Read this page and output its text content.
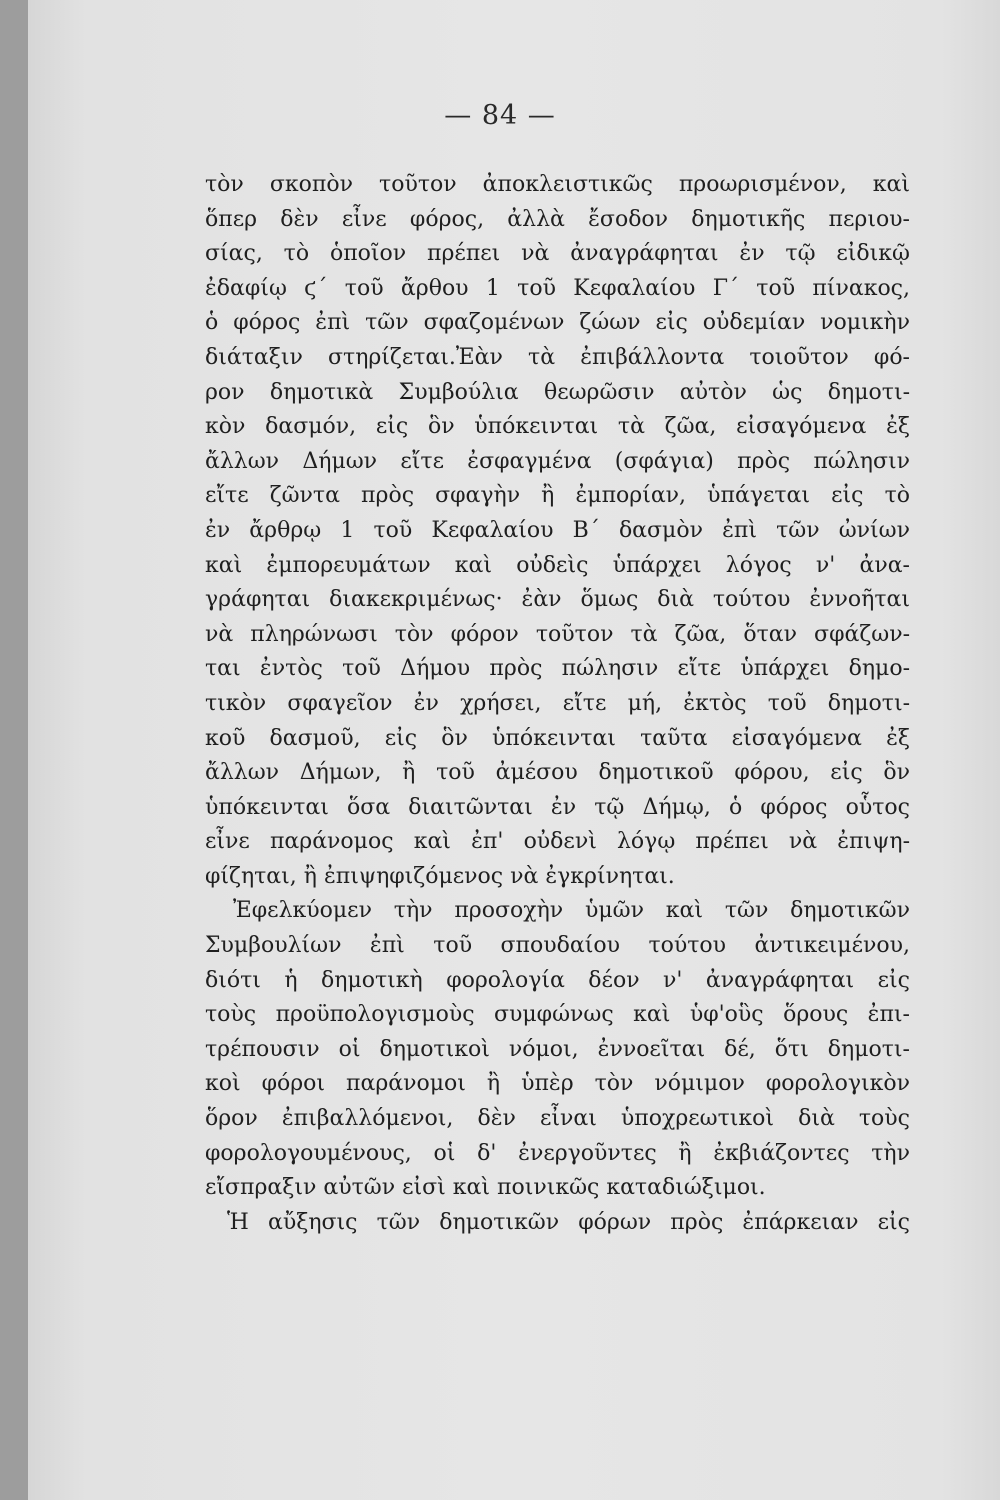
— 84 —
τὸν σκοπὸν τοῦτον ἀποκλειστικῶς προωρισμένον, καὶ
ὅπερ δὲν εἶνε φόρος, ἀλλὰ ἔσοδον δημοτικῆς περιου-
σίας, τὸ ὁποῖον πρέπει νὰ ἀναγράφηται ἐν τῷ εἰδικῷ
ἐδαφίῳ ϛ΄ τοῦ ἄρθου 1 τοῦ Κεφαλαίου Γ΄ τοῦ πίνακος,
ὁ φόρος ἐπὶ τῶν σφαζομένων ζώων εἰς οὐδεμίαν νομικὴν
διάταξιν στηρίζεται.Ἐὰν τὰ ἐπιβάλλοντα τοιοῦτον φό-
ρον δημοτικὰ Συμβούλια θεωρῶσιν αὐτὸν ὡς δημοτι-
κὸν δασμόν, εἰς ὃν ὑπόκεινται τὰ ζῶα, εἰσαγόμενα ἐξ
ἄλλων Δήμων εἴτε ἐσφαγμένα (σφάγια) πρὸς πώλησιν
εἴτε ζῶντα πρὸς σφαγὴν ἢ ἐμπορίαν, ὑπάγεται εἰς τὸ
ἐν ἄρθρῳ 1 τοῦ Κεφαλαίου Β΄ δασμὸν ἐπὶ τῶν ὠνίων
καὶ ἐμπορευμάτων καὶ οὐδεὶς ὑπάρχει λόγος ν' ἀνα-
γράφηται διακεκριμένως· ἐὰν ὅμως διὰ τούτου ἐννοῆται
νὰ πληρώνωσι τὸν φόρον τοῦτον τὰ ζῶα, ὅταν σφάζων-
ται ἐντὸς τοῦ Δήμου πρὸς πώλησιν εἴτε ὑπάρχει δημο-
τικὸν σφαγεῖον ἐν χρήσει, εἴτε μή, ἐκτὸς τοῦ δημοτι-
κοῦ δασμοῦ, εἰς ὃν ὑπόκεινται ταῦτα εἰσαγόμενα ἐξ
ἄλλων Δήμων, ἢ τοῦ ἀμέσου δημοτικοῦ φόρου, εἰς ὃν
ὑπόκεινται ὅσα διαιτῶνται ἐν τῷ Δήμῳ, ὁ φόρος οὗτος
εἶνε παράνομος καὶ ἐπ' οὐδενὶ λόγῳ πρέπει νὰ ἐπιψη-
φίζηται, ἢ ἐπιψηφιζόμενος νὰ ἐγκρίνηται.
Ἐφελκύομεν τὴν προσοχὴν ὑμῶν καὶ τῶν δημοτικῶν
Συμβουλίων ἐπὶ τοῦ σπουδαίου τούτου ἀντικειμένου,
διότι ἡ δημοτικὴ φορολογία δέον ν' ἀναγράφηται εἰς
τοὺς προϋπολογισμοὺς συμφώνως καὶ ὑφ'οὓς ὅρους ἐπι-
τρέπουσιν οἱ δημοτικοὶ νόμοι, ἐννοεῖται δέ, ὅτι δημοτι-
κοὶ φόροι παράνομοι ἢ ὑπὲρ τὸν νόμιμον φορολογικὸν
ὅρον ἐπιβαλλόμενοι, δὲν εἶναι ὑποχρεωτικοὶ διὰ τοὺς
φορολογουμένους, οἱ δ' ἐνεργοῦντες ἢ ἐκβιάζοντες τὴν
εἴσπραξιν αὐτῶν εἰσὶ καὶ ποινικῶς καταδιώξιμοι.
Ἡ αὔξησις τῶν δημοτικῶν φόρων πρὸς ἐπάρκειαν εἰς
